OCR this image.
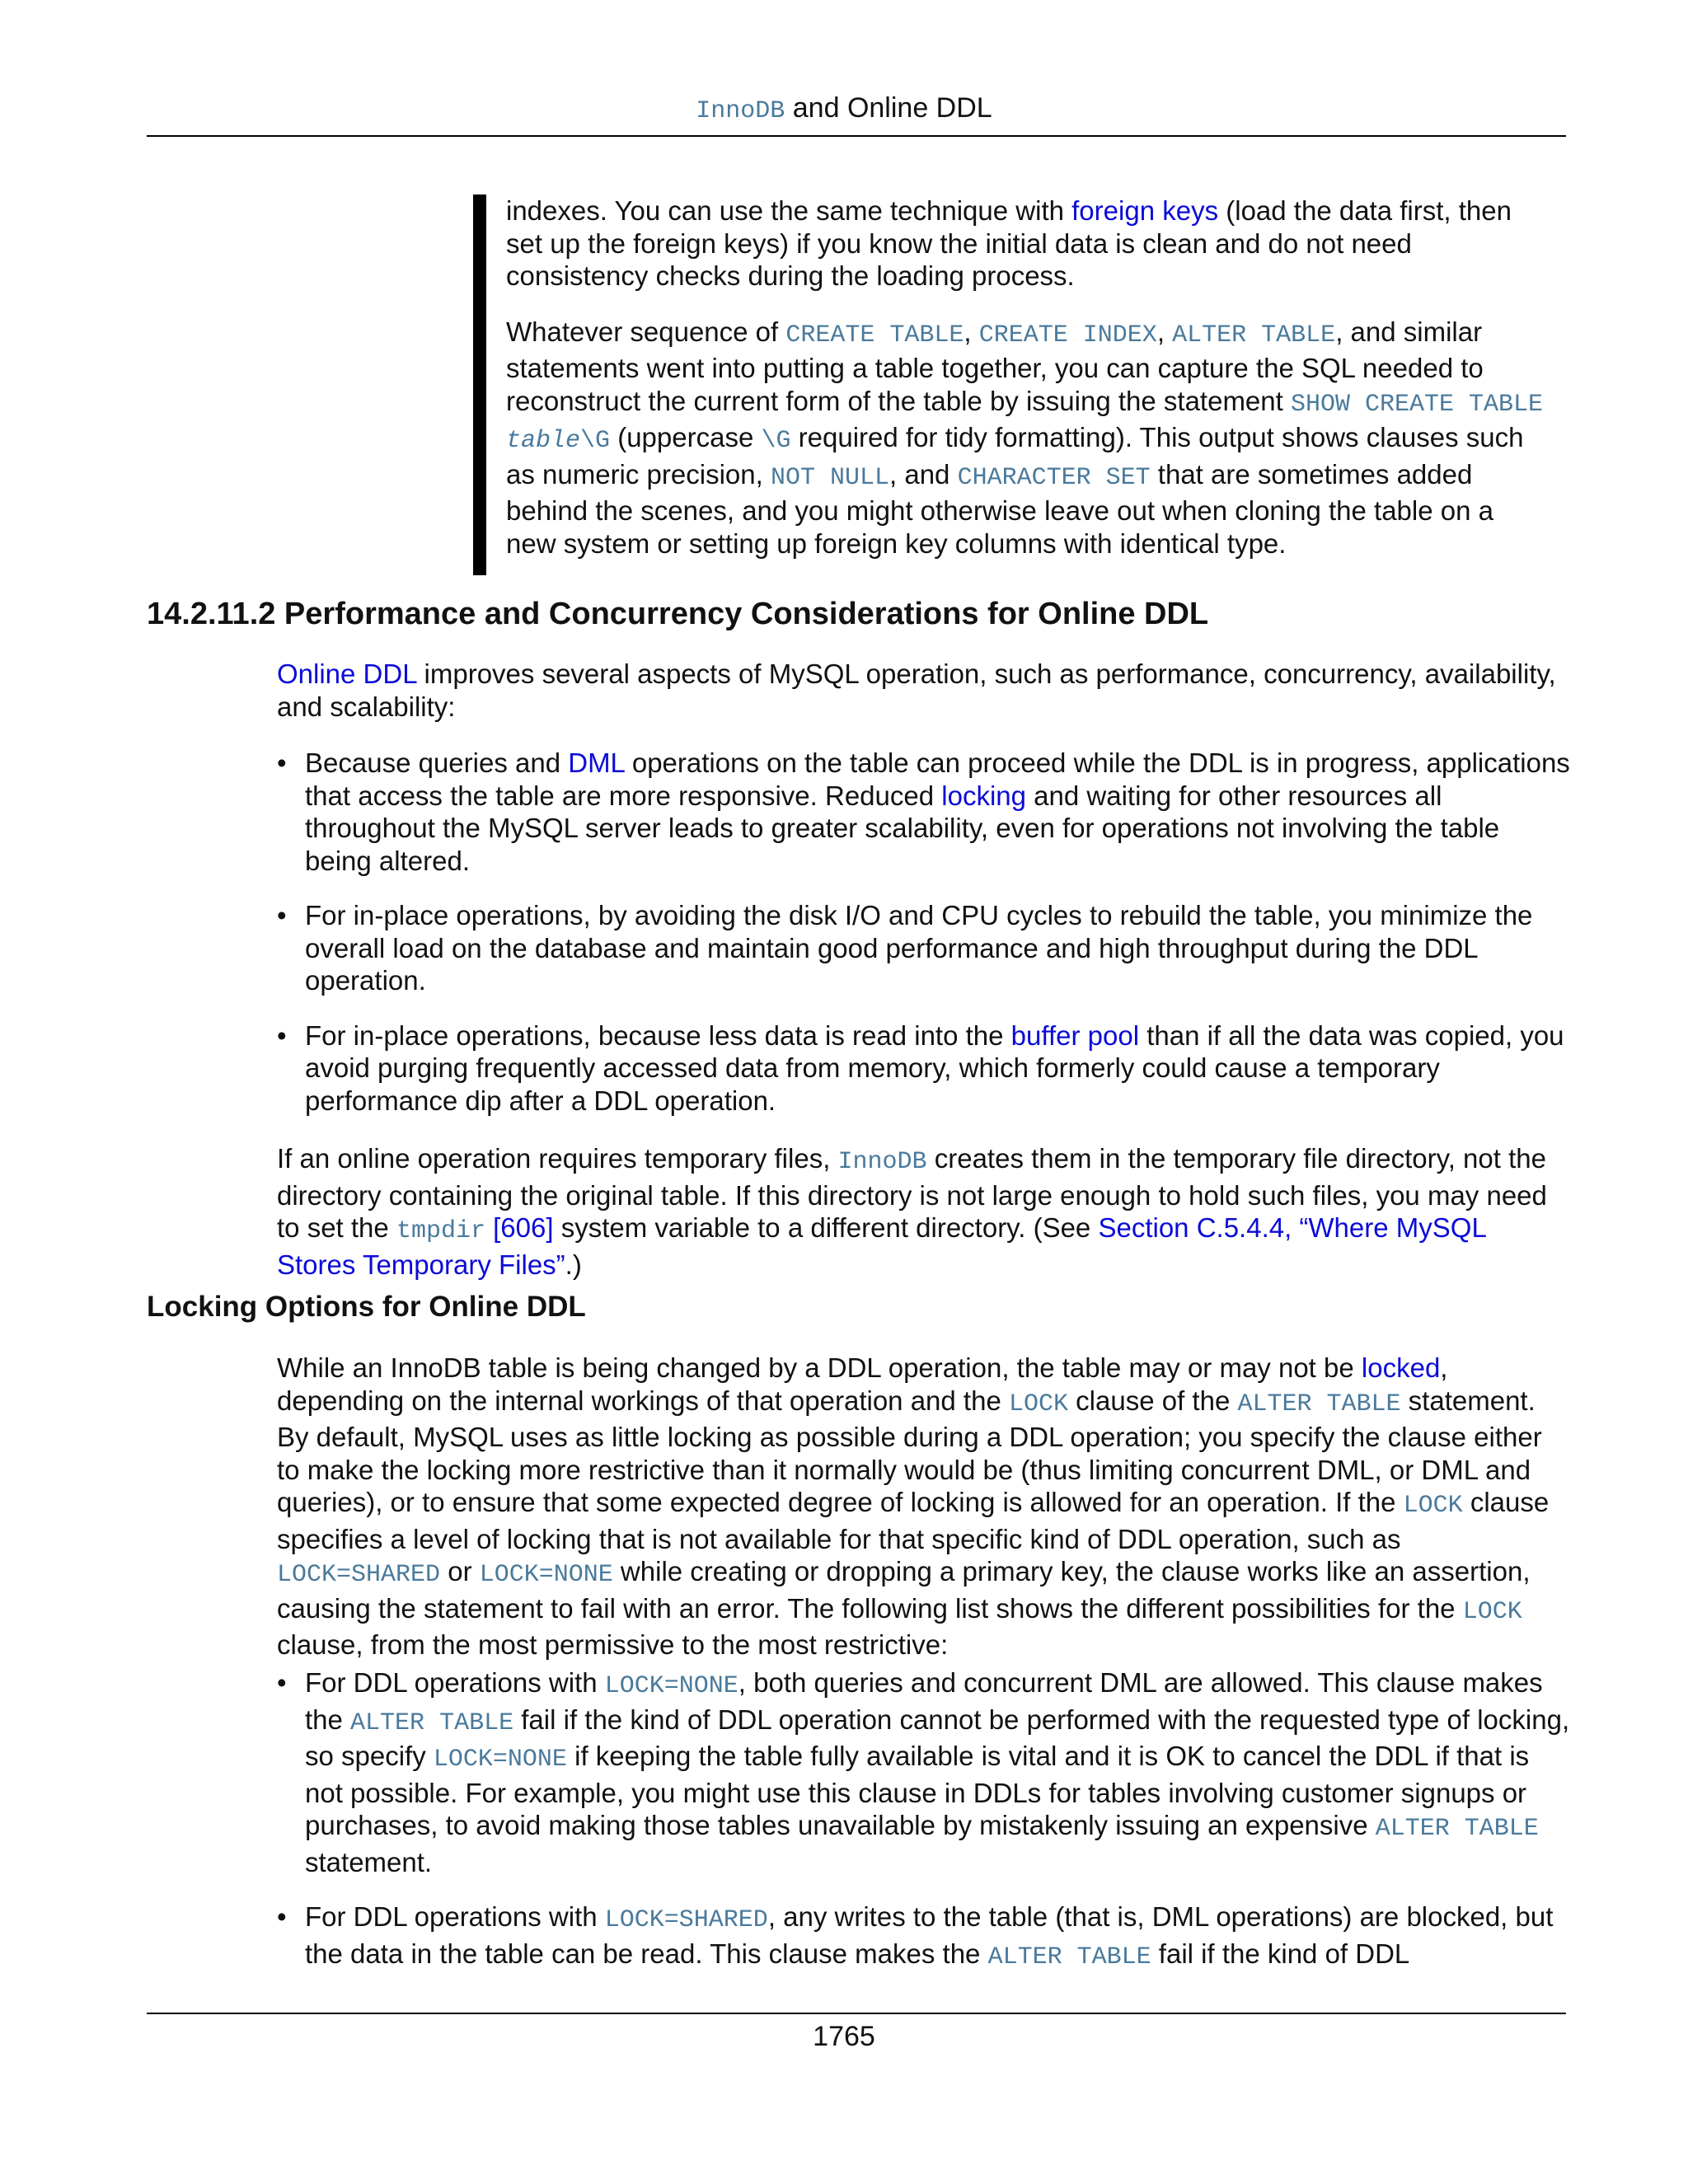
InnoDB and Online DDL

indexes. You can use the same technique with foreign keys (load the data first, then set up the foreign keys) if you know the initial data is clean and do not need consistency checks during the loading process.

Whatever sequence of CREATE TABLE, CREATE INDEX, ALTER TABLE, and similar statements went into putting a table together, you can capture the SQL needed to reconstruct the current form of the table by issuing the statement SHOW CREATE TABLE table\G (uppercase \G required for tidy formatting). This output shows clauses such as numeric precision, NOT NULL, and CHARACTER SET that are sometimes added behind the scenes, and you might otherwise leave out when cloning the table on a new system or setting up foreign key columns with identical type.

14.2.11.2 Performance and Concurrency Considerations for Online DDL

Online DDL improves several aspects of MySQL operation, such as performance, concurrency, availability, and scalability:

• Because queries and DML operations on the table can proceed while the DDL is in progress, applications that access the table are more responsive. Reduced locking and waiting for other resources all throughout the MySQL server leads to greater scalability, even for operations not involving the table being altered.
• For in-place operations, by avoiding the disk I/O and CPU cycles to rebuild the table, you minimize the overall load on the database and maintain good performance and high throughput during the DDL operation.
• For in-place operations, because less data is read into the buffer pool than if all the data was copied, you avoid purging frequently accessed data from memory, which formerly could cause a temporary performance dip after a DDL operation.

If an online operation requires temporary files, InnoDB creates them in the temporary file directory, not the directory containing the original table. If this directory is not large enough to hold such files, you may need to set the tmpdir [606] system variable to a different directory. (See Section C.5.4.4, “Where MySQL Stores Temporary Files”.)

Locking Options for Online DDL

While an InnoDB table is being changed by a DDL operation, the table may or may not be locked, depending on the internal workings of that operation and the LOCK clause of the ALTER TABLE statement. By default, MySQL uses as little locking as possible during a DDL operation; you specify the clause either to make the locking more restrictive than it normally would be (thus limiting concurrent DML, or DML and queries), or to ensure that some expected degree of locking is allowed for an operation. If the LOCK clause specifies a level of locking that is not available for that specific kind of DDL operation, such as LOCK=SHARED or LOCK=NONE while creating or dropping a primary key, the clause works like an assertion, causing the statement to fail with an error. The following list shows the different possibilities for the LOCK clause, from the most permissive to the most restrictive:

• For DDL operations with LOCK=NONE, both queries and concurrent DML are allowed. This clause makes the ALTER TABLE fail if the kind of DDL operation cannot be performed with the requested type of locking, so specify LOCK=NONE if keeping the table fully available is vital and it is OK to cancel the DDL if that is not possible. For example, you might use this clause in DDLs for tables involving customer signups or purchases, to avoid making those tables unavailable by mistakenly issuing an expensive ALTER TABLE statement.
• For DDL operations with LOCK=SHARED, any writes to the table (that is, DML operations) are blocked, but the data in the table can be read. This clause makes the ALTER TABLE fail if the kind of DDL
1765
